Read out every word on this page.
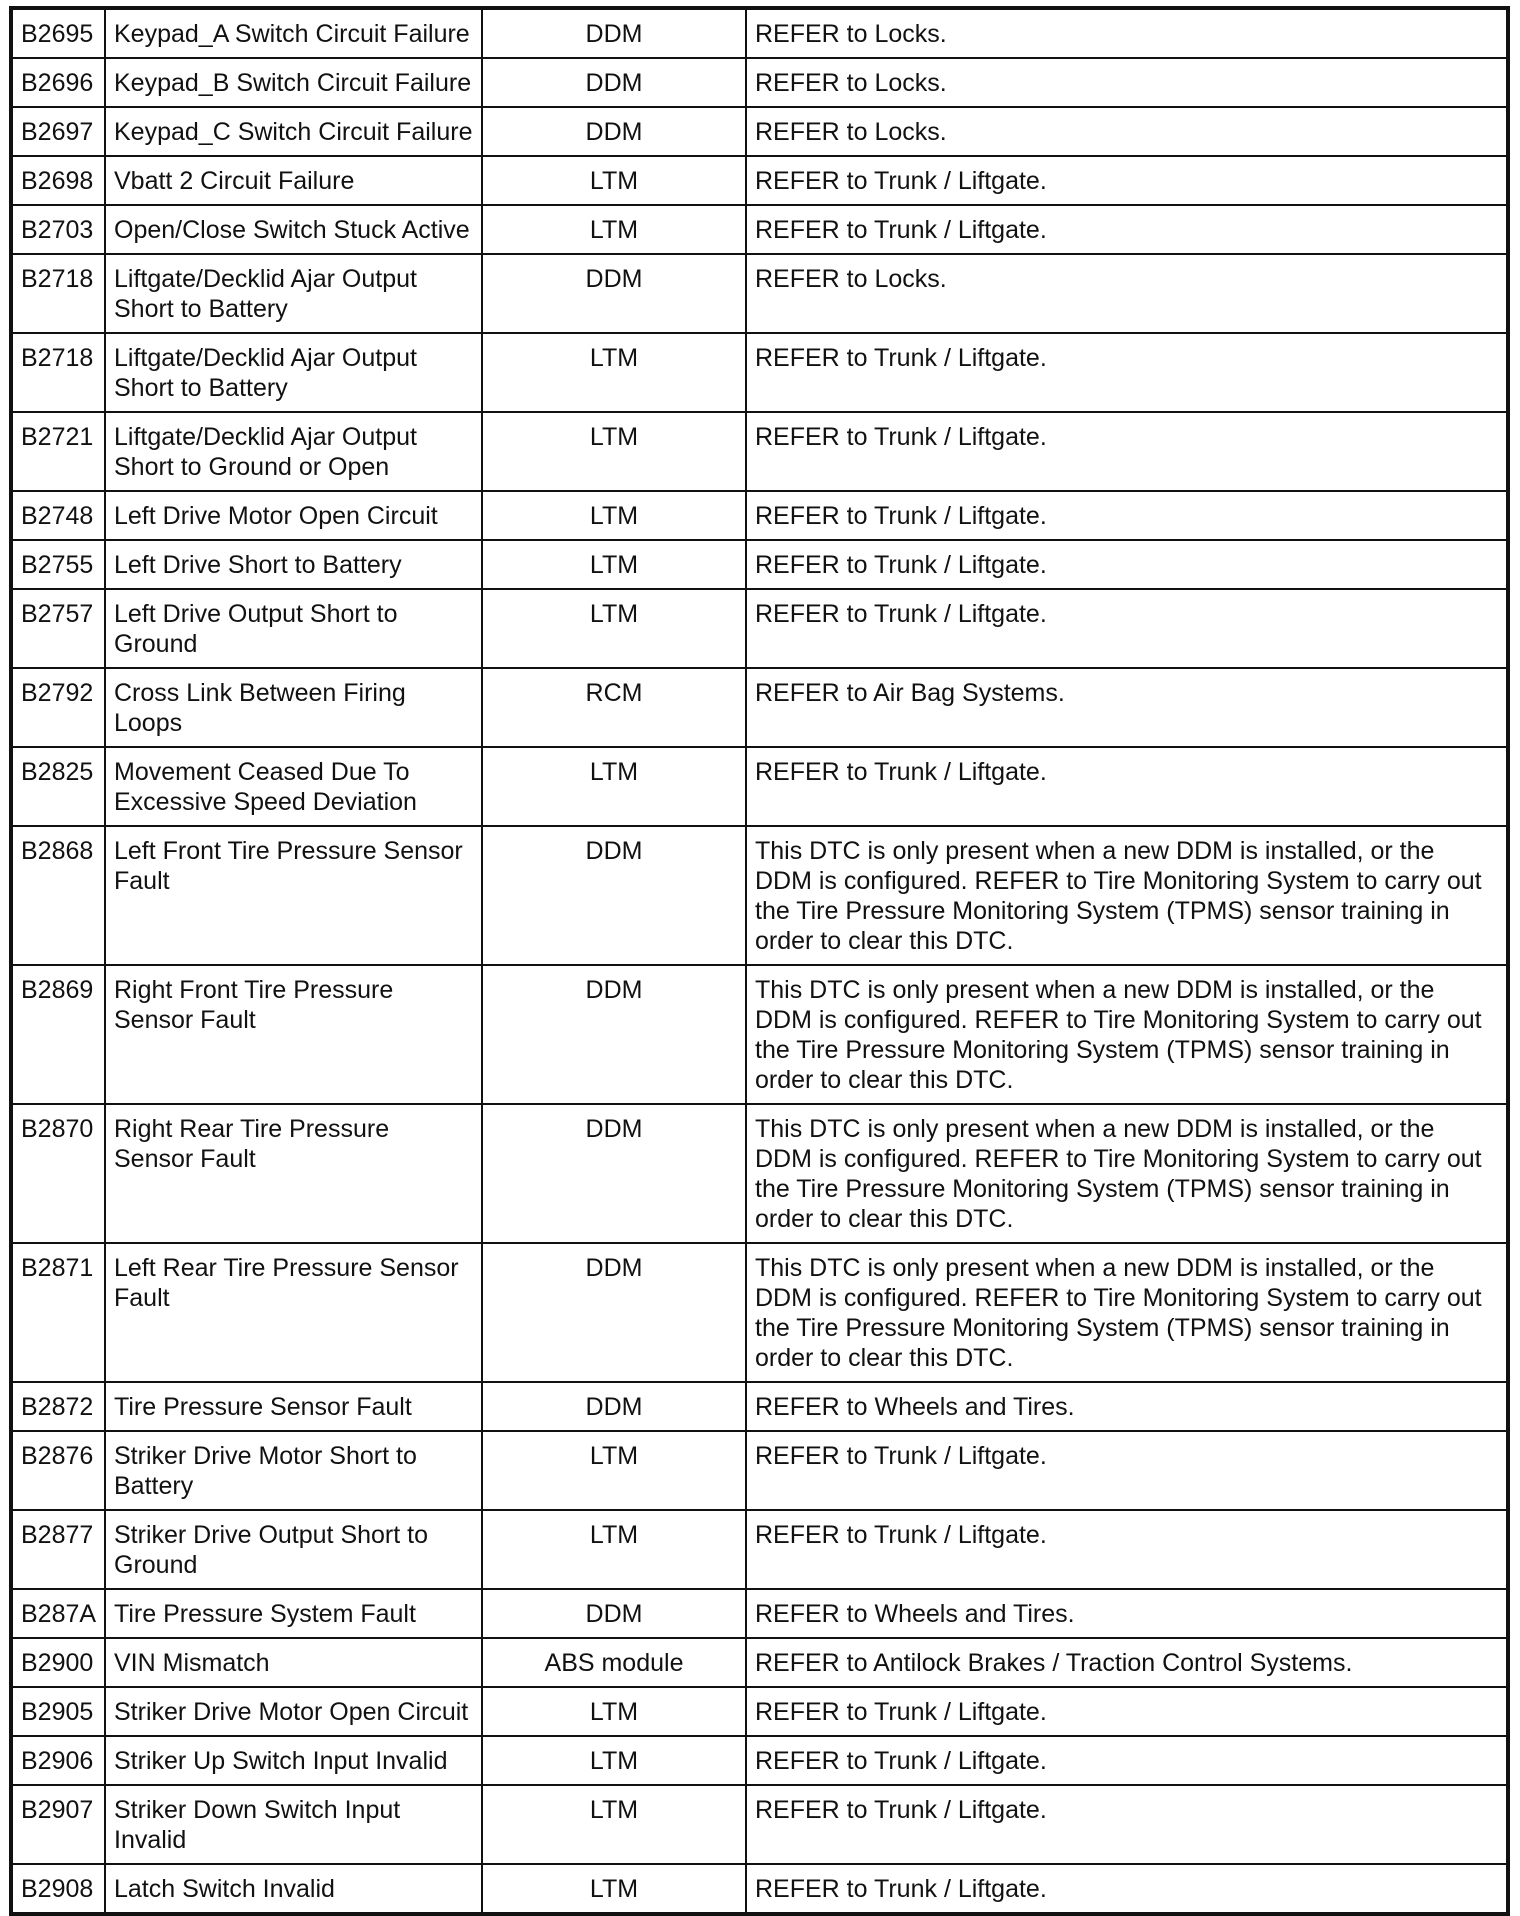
B2695	Keypad_A Switch Circuit Failure	DDM	REFER to Locks.
B2696	Keypad_B Switch Circuit Failure	DDM	REFER to Locks.
B2697	Keypad_C Switch Circuit Failure	DDM	REFER to Locks.
B2698	Vbatt 2 Circuit Failure	LTM	REFER to Trunk / Liftgate.
B2703	Open/Close Switch Stuck Active	LTM	REFER to Trunk / Liftgate.
B2718	Liftgate/Decklid Ajar Output Short to Battery	DDM	REFER to Locks.
B2718	Liftgate/Decklid Ajar Output Short to Battery	LTM	REFER to Trunk / Liftgate.
B2721	Liftgate/Decklid Ajar Output Short to Ground or Open	LTM	REFER to Trunk / Liftgate.
B2748	Left Drive Motor Open Circuit	LTM	REFER to Trunk / Liftgate.
B2755	Left Drive Short to Battery	LTM	REFER to Trunk / Liftgate.
B2757	Left Drive Output Short to Ground	LTM	REFER to Trunk / Liftgate.
B2792	Cross Link Between Firing Loops	RCM	REFER to Air Bag Systems.
B2825	Movement Ceased Due To Excessive Speed Deviation	LTM	REFER to Trunk / Liftgate.
B2868	Left Front Tire Pressure Sensor Fault	DDM	This DTC is only present when a new DDM is installed, or the DDM is configured. REFER to Tire Monitoring System to carry out the Tire Pressure Monitoring System (TPMS) sensor training in order to clear this DTC.
B2869	Right Front Tire Pressure Sensor Fault	DDM	This DTC is only present when a new DDM is installed, or the DDM is configured. REFER to Tire Monitoring System to carry out the Tire Pressure Monitoring System (TPMS) sensor training in order to clear this DTC.
B2870	Right Rear Tire Pressure Sensor Fault	DDM	This DTC is only present when a new DDM is installed, or the DDM is configured. REFER to Tire Monitoring System to carry out the Tire Pressure Monitoring System (TPMS) sensor training in order to clear this DTC.
B2871	Left Rear Tire Pressure Sensor Fault	DDM	This DTC is only present when a new DDM is installed, or the DDM is configured. REFER to Tire Monitoring System to carry out the Tire Pressure Monitoring System (TPMS) sensor training in order to clear this DTC.
B2872	Tire Pressure Sensor Fault	DDM	REFER to Wheels and Tires.
B2876	Striker Drive Motor Short to Battery	LTM	REFER to Trunk / Liftgate.
B2877	Striker Drive Output Short to Ground	LTM	REFER to Trunk / Liftgate.
B287A	Tire Pressure System Fault	DDM	REFER to Wheels and Tires.
B2900	VIN Mismatch	ABS module	REFER to Antilock Brakes / Traction Control Systems.
B2905	Striker Drive Motor Open Circuit	LTM	REFER to Trunk / Liftgate.
B2906	Striker Up Switch Input Invalid	LTM	REFER to Trunk / Liftgate.
B2907	Striker Down Switch Input Invalid	LTM	REFER to Trunk / Liftgate.
B2908	Latch Switch Invalid	LTM	REFER to Trunk / Liftgate.
